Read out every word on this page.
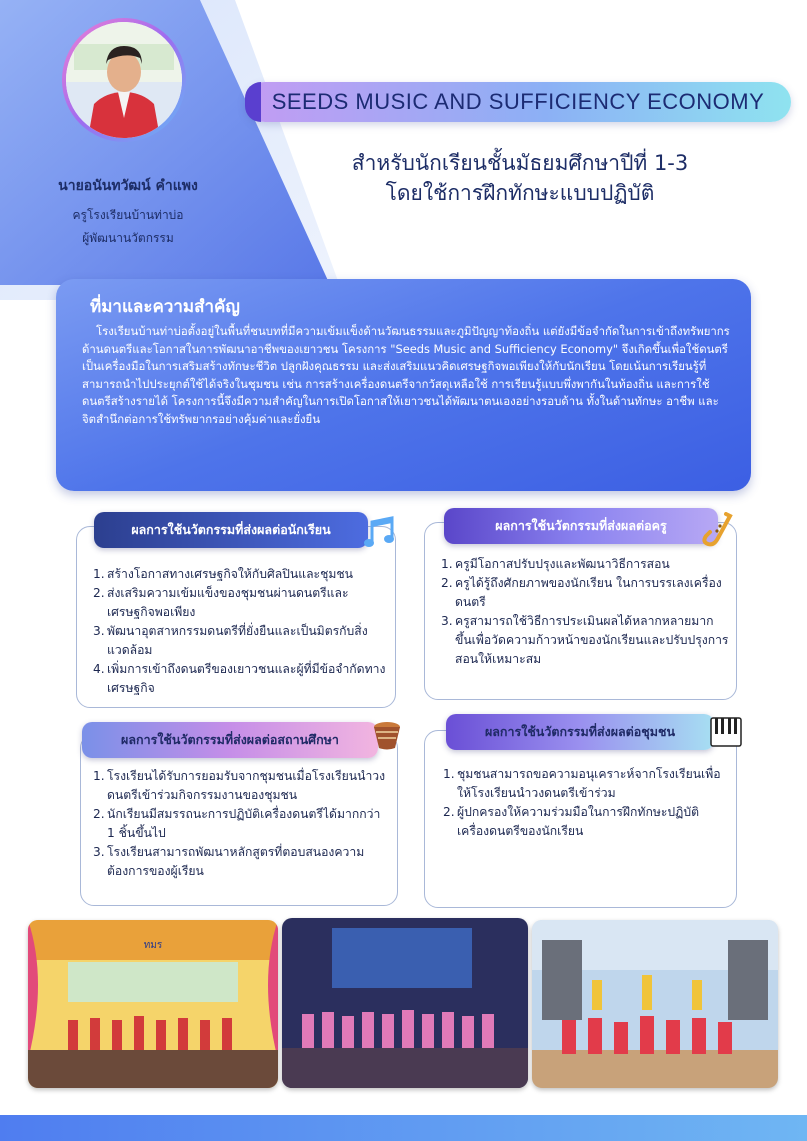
นายอนันทวัฒน์ คำแพง
ครูโรงเรียนบ้านท่าบ่อ
ผู้พัฒนานวัตกรรม
SEEDS MUSIC AND SUFFICIENCY ECONOMY
สำหรับนักเรียนชั้นมัธยมศึกษาปีที่ 1-3
โดยใช้การฝึกทักษะแบบปฏิบัติ
ที่มาและความสำคัญ
โรงเรียนบ้านท่าบ่อตั้งอยู่ในพื้นที่ชนบทที่มีความเข้มแข็งด้านวัฒนธรรมและภูมิปัญญาท้องถิ่น แต่ยังมีข้อจำกัดในการเข้าถึงทรัพยากรด้านดนตรีและโอกาสในการพัฒนาอาชีพของเยาวชน โครงการ "Seeds Music and Sufficiency Economy" จึงเกิดขึ้นเพื่อใช้ดนตรีเป็นเครื่องมือในการเสริมสร้างทักษะชีวิต ปลูกฝังคุณธรรม และส่งเสริมแนวคิดเศรษฐกิจพอเพียงให้กับนักเรียน โดยเน้นการเรียนรู้ที่สามารถนำไปประยุกต์ใช้ได้จริงในชุมชน เช่น การสร้างเครื่องดนตรีจากวัสดุเหลือใช้ การเรียนรู้แบบพึ่งพากันในท้องถิ่น และการใช้ดนตรีสร้างรายได้ โครงการนี้จึงมีความสำคัญในการเปิดโอกาสให้เยาวชนได้พัฒนาตนเองอย่างรอบด้าน ทั้งในด้านทักษะ อาชีพ และจิตสำนึกต่อการใช้ทรัพยากรอย่างคุ้มค่าและยั่งยืน
1. สร้างโอกาสทางเศรษฐกิจให้กับศิลปินและชุมชน
2. ส่งเสริมความเข้มแข็งของชุมชนผ่านดนตรีและเศรษฐกิจพอเพียง
3. พัฒนาอุตสาหกรรมดนตรีที่ยั่งยืนและเป็นมิตรกับสิ่งแวดล้อม
4. เพิ่มการเข้าถึงดนตรีของเยาวชนและผู้ที่มีข้อจำกัดทางเศรษฐกิจ
ผลการใช้นวัตกรรมที่ส่งผลต่อนักเรียน
1. ครูมีโอกาสปรับปรุงและพัฒนาวิธีการสอน
2. ครูได้รู้ถึงศักยภาพของนักเรียน ในการบรรเลงเครื่องดนตรี
3. ครูสามารถใช้วิธีการประเมินผลได้หลากหลายมากขึ้นเพื่อวัดความก้าวหน้าของนักเรียนและปรับปรุงการสอนให้เหมาะสม
ผลการใช้นวัตกรรมที่ส่งผลต่อครู
1. โรงเรียนได้รับการยอมรับจากชุมชนเมื่อโรงเรียนนำวงดนตรีเข้าร่วมกิจกรรมงานของชุมชน
2. นักเรียนมีสมรรถนะการปฏิบัติเครื่องดนตรีได้มากกว่า 1 ชิ้นขึ้นไป
3. โรงเรียนสามารถพัฒนาหลักสูตรที่ตอบสนองความต้องการของผู้เรียน
ผลการใช้นวัตกรรมที่ส่งผลต่อสถานศึกษา
1. ชุมชนสามารถขอความอนุเคราะห์จากโรงเรียนเพื่อให้โรงเรียนนำวงดนตรีเข้าร่วม
2. ผู้ปกครองให้ความร่วมมือในการฝึกทักษะปฏิบัติเครื่องดนตรีของนักเรียน
ผลการใช้นวัตกรรมที่ส่งผลต่อชุมชน
ทมร
